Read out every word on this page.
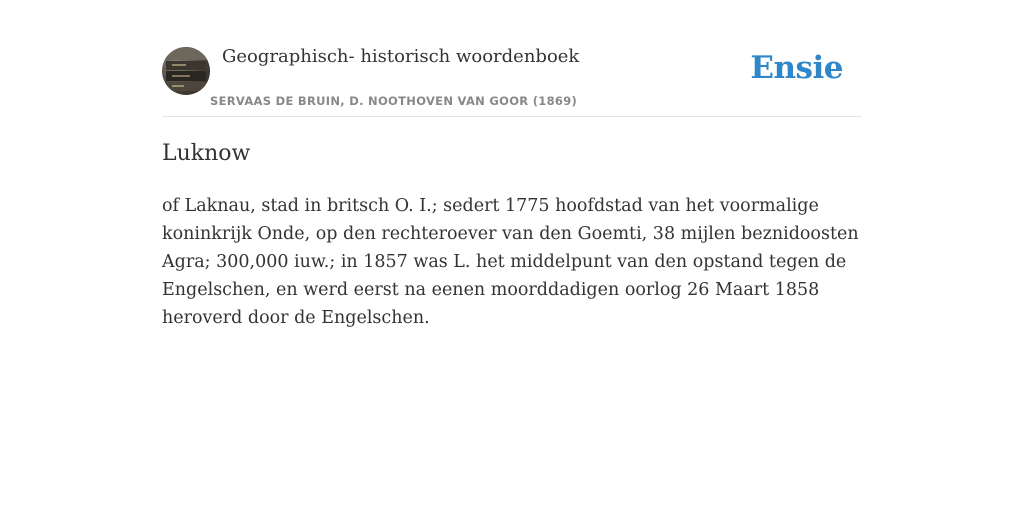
Geographisch- historisch woordenboek
SERVAAS DE BRUIN, D. NOOTHOVEN VAN GOOR (1869)
Ensie
Luknow

of Laknau, stad in britsch O. I.; sedert 1775 hoofdstad van het voormalige koninkrijk Onde, op den rechteroever van den Goemti, 38 mijlen beznidoosten Agra; 300,000 iuw.; in 1857 was L. het middelpunt van den opstand tegen de Engelschen, en werd eerst na eenen moorddadigen oorlog 26 Maart 1858 heroverd door de Engelschen.
